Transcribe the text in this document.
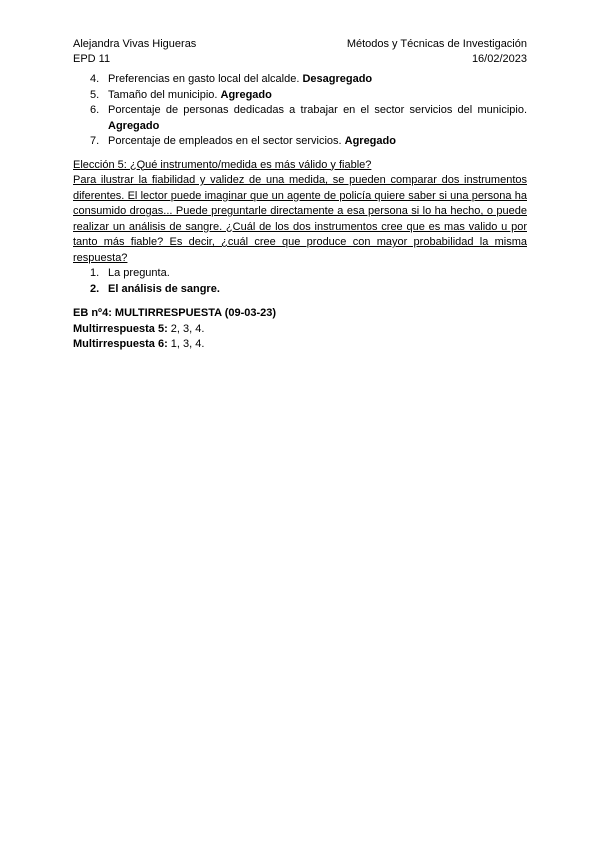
Alejandra Vivas Higueras	Métodos y Técnicas de Investigación
EPD 11	16/02/2023
4. Preferencias en gasto local del alcalde. Desagregado
5. Tamaño del municipio. Agregado
6. Porcentaje de personas dedicadas a trabajar en el sector servicios del municipio. Agregado
7. Porcentaje de empleados en el sector servicios. Agregado
Elección 5: ¿Qué instrumento/medida es más válido y fiable?
Para ilustrar la fiabilidad y validez de una medida, se pueden comparar dos instrumentos diferentes. El lector puede imaginar que un agente de policía quiere saber si una persona ha consumido drogas... Puede preguntarle directamente a esa persona si lo ha hecho, o puede realizar un análisis de sangre. ¿Cuál de los dos instrumentos cree que es mas valido u por tanto más fiable? Es decir, ¿cuál cree que produce con mayor probabilidad la misma respuesta?
1. La pregunta.
2. El análisis de sangre.
EB nº4: MULTIRRESPUESTA (09-03-23)
Multirrespuesta 5: 2, 3, 4.
Multirrespuesta 6: 1, 3, 4.
